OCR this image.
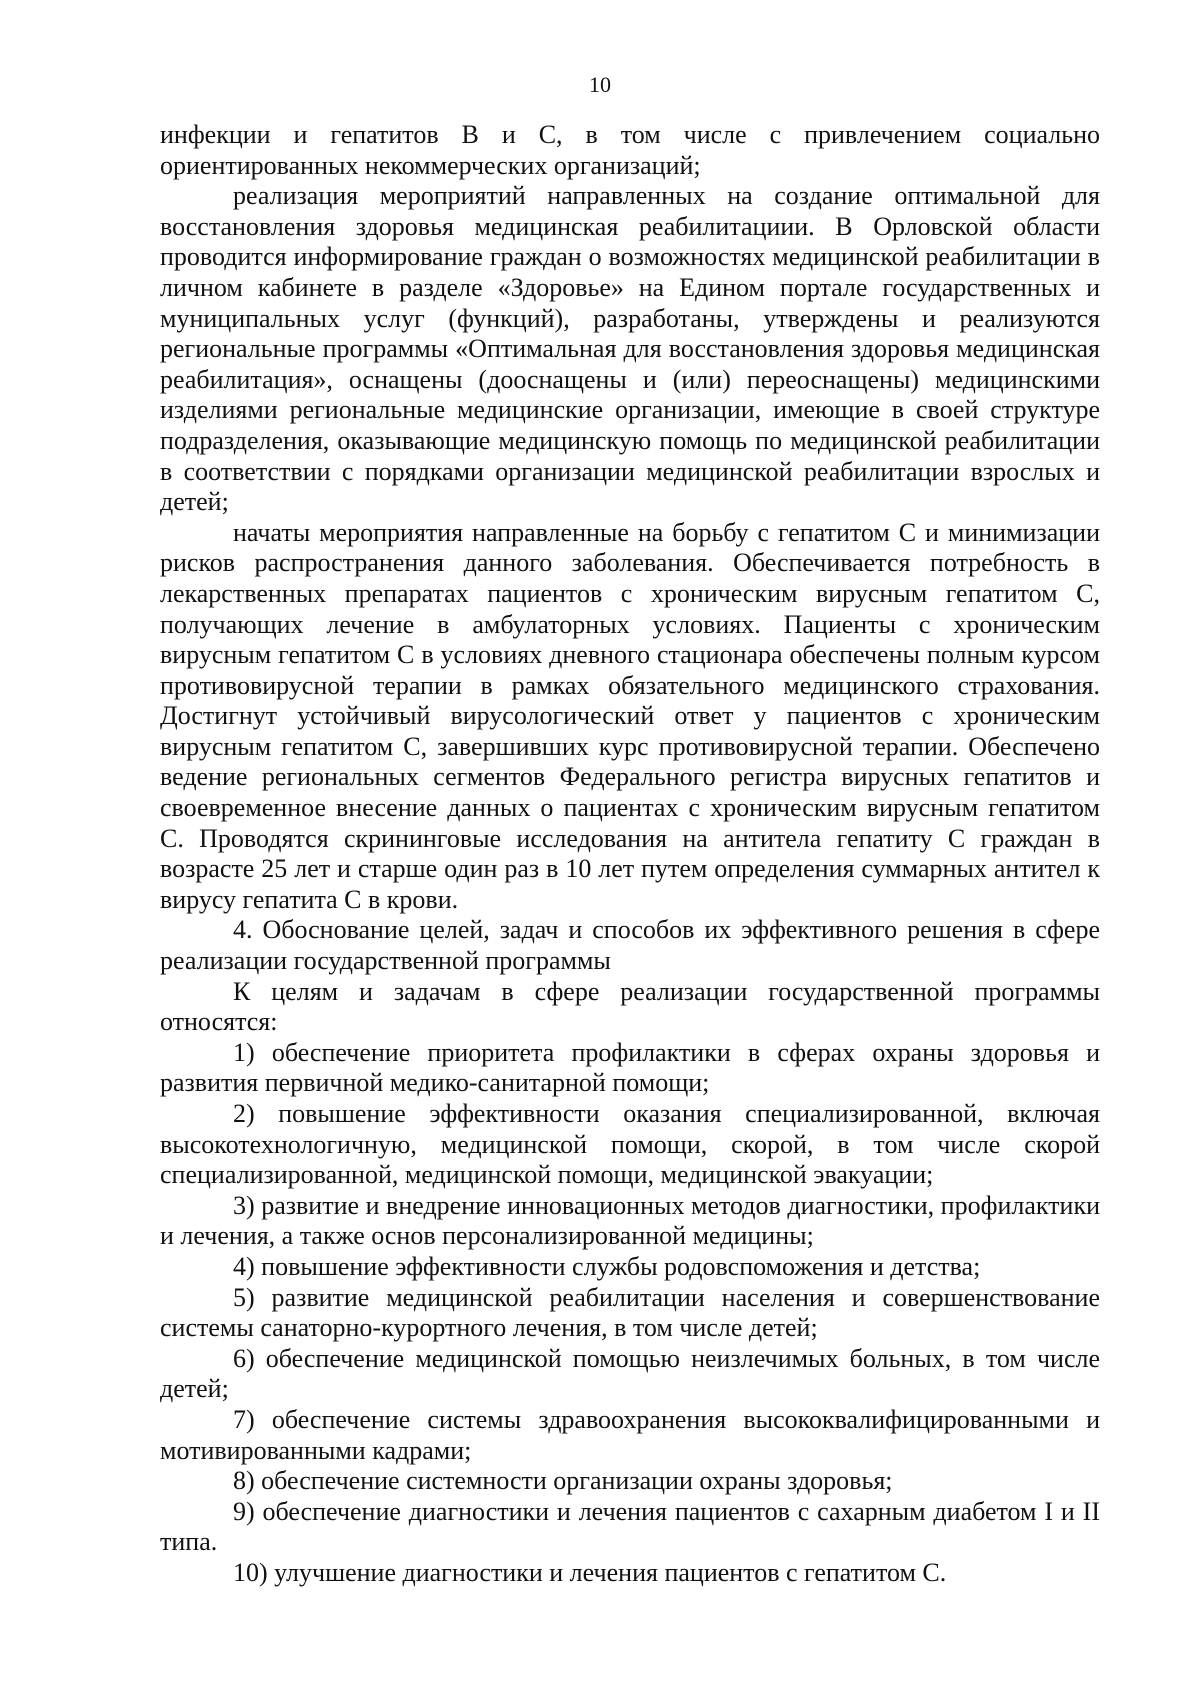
10

инфекции и гепатитов В и С, в том числе с привлечением социально ориентированных некоммерческих организаций;

реализация мероприятий направленных на создание оптимальной для восстановления здоровья медицинская реабилитациии. В Орловской области проводится информирование граждан о возможностях медицинской реабилитации в личном кабинете в разделе «Здоровье» на Едином портале государственных и муниципальных услуг (функций), разработаны, утверждены и реализуются региональные программы «Оптимальная для восстановления здоровья медицинская реабилитация», оснащены (дооснащены и (или) переоснащены) медицинскими изделиями региональные медицинские организации, имеющие в своей структуре подразделения, оказывающие медицинскую помощь по медицинской реабилитации в соответствии с порядками организации медицинской реабилитации взрослых и детей;

начаты мероприятия направленные на борьбу с гепатитом С и минимизации рисков распространения данного заболевания. Обеспечивается потребность в лекарственных препаратах пациентов с хроническим вирусным гепатитом С, получающих лечение в амбулаторных условиях. Пациенты с хроническим вирусным гепатитом С в условиях дневного стационара обеспечены полным курсом противовирусной терапии в рамках обязательного медицинского страхования. Достигнут устойчивый вирусологический ответ у пациентов с хроническим вирусным гепатитом С, завершивших курс противовирусной терапии. Обеспечено ведение региональных сегментов Федерального регистра вирусных гепатитов и своевременное внесение данных о пациентах с хроническим вирусным гепатитом С. Проводятся скрининговые исследования на антитела гепатиту С граждан в возрасте 25 лет и старше один раз в 10 лет путем определения суммарных антител к вирусу гепатита С в крови.

4. Обоснование целей, задач и способов их эффективного решения в сфере реализации государственной программы

К целям и задачам в сфере реализации государственной программы относятся:

1) обеспечение приоритета профилактики в сферах охраны здоровья и развития первичной медико-санитарной помощи;

2) повышение эффективности оказания специализированной, включая высокотехнологичную, медицинской помощи, скорой, в том числе скорой специализированной, медицинской помощи, медицинской эвакуации;

3) развитие и внедрение инновационных методов диагностики, профилактики и лечения, а также основ персонализированной медицины;

4) повышение эффективности службы родовспоможения и детства;

5) развитие медицинской реабилитации населения и совершенствование системы санаторно-курортного лечения, в том числе детей;

6) обеспечение медицинской помощью неизлечимых больных, в том числе детей;

7) обеспечение системы здравоохранения высококвалифицированными и мотивированными кадрами;

8) обеспечение системности организации охраны здоровья;

9) обеспечение диагностики и лечения пациентов с сахарным диабетом I и II типа.

10) улучшение диагностики и лечения пациентов с гепатитом С.
